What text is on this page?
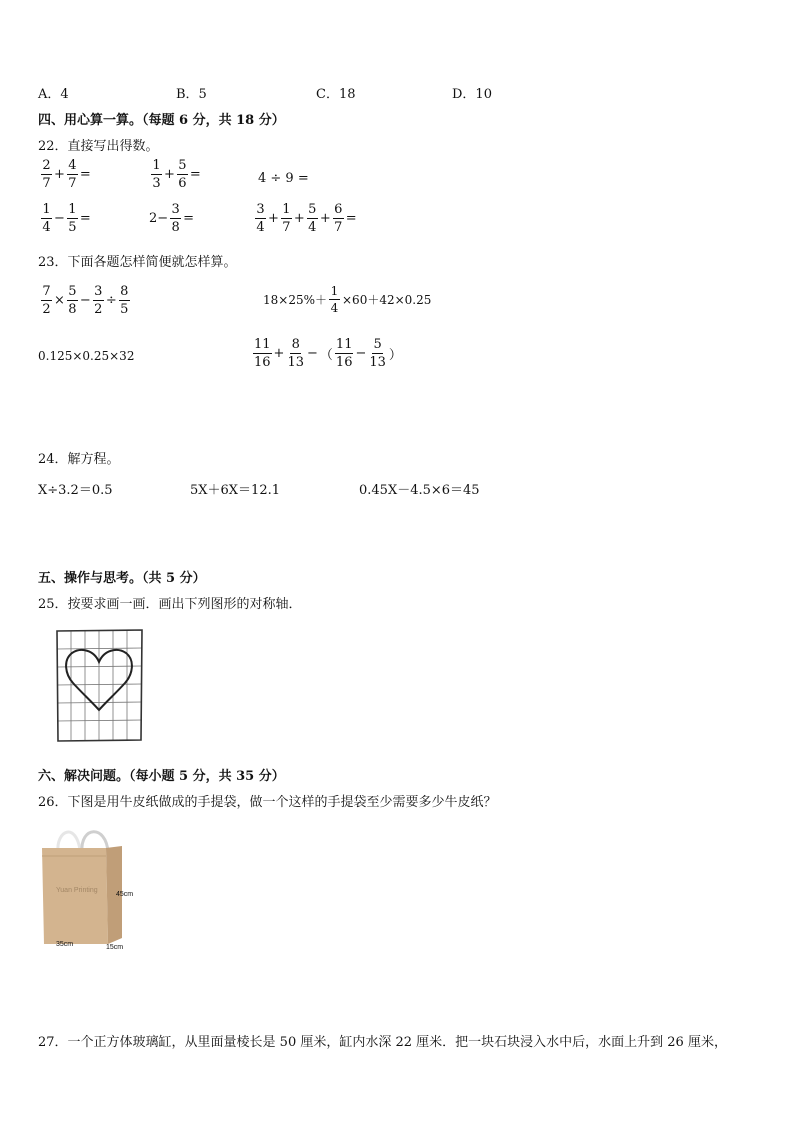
A．4	B．5	C．18	D．10
四、用心算一算。（每题 6 分，共 18 分）
22．直接写出得数。
$\frac{2}{7} + \frac{4}{7}$ =	$\frac{1}{3} + \frac{5}{6}$ =	4 ÷ 9 =
$\frac{1}{4} - \frac{1}{5}$ =	$2- \frac{3}{8}$ =	$\frac{3}{4} + \frac{1}{7} + \frac{5}{4} + \frac{6}{7}$ =
23．下面各题怎样简便就怎样算。
$\frac{7}{2} \times \frac{5}{8} - \frac{3}{2} \div \frac{8}{5}$	$18\times 25\%+ \frac{1}{4} \times 60+42\times 0.25$
0.125×0.25×32	$\frac{11}{16} + \frac{8}{13}$ − （ $\frac{11}{16} - \frac{5}{13}$ ）
24．解方程。
X÷3.2＝0.5	5X＋6X＝12.1	0.45X－4.5×6＝45
五、操作与思考。（共 5 分）
25．按要求画一画．画出下列图形的对称轴．
六、解决问题。（每小题 5 分，共 35 分）
26．下图是用牛皮纸做成的手提袋，做一个这样的手提袋至少需要多少牛皮纸？
Yuan Printing
45cm
35cm	15cm
27．一个正方体玻璃缸，从里面量棱长是 50 厘米，缸内水深 22 厘米．把一块石块浸入水中后，水面上升到 26 厘米，
